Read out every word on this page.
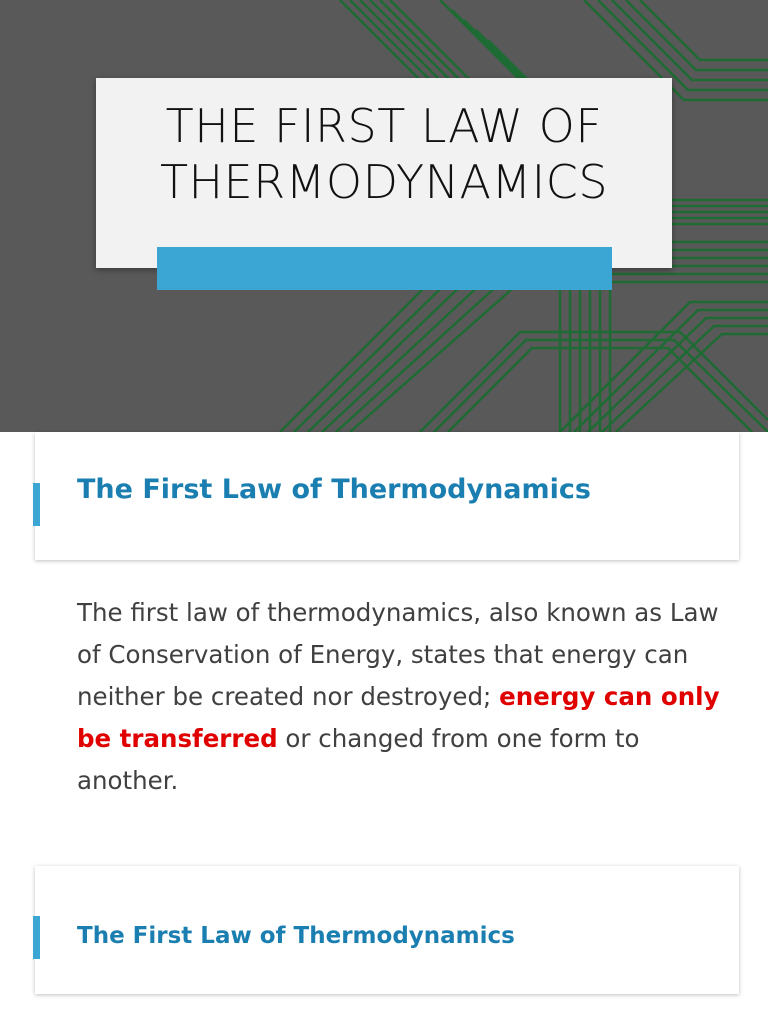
THE FIRST LAW OF
THERMODYNAMICS
The First Law of Thermodynamics
The first law of thermodynamics, also known as Law of Conservation of Energy, states that energy can neither be created nor destroyed; energy can only be transferred or changed from one form to another.
The First Law of Thermodynamics
